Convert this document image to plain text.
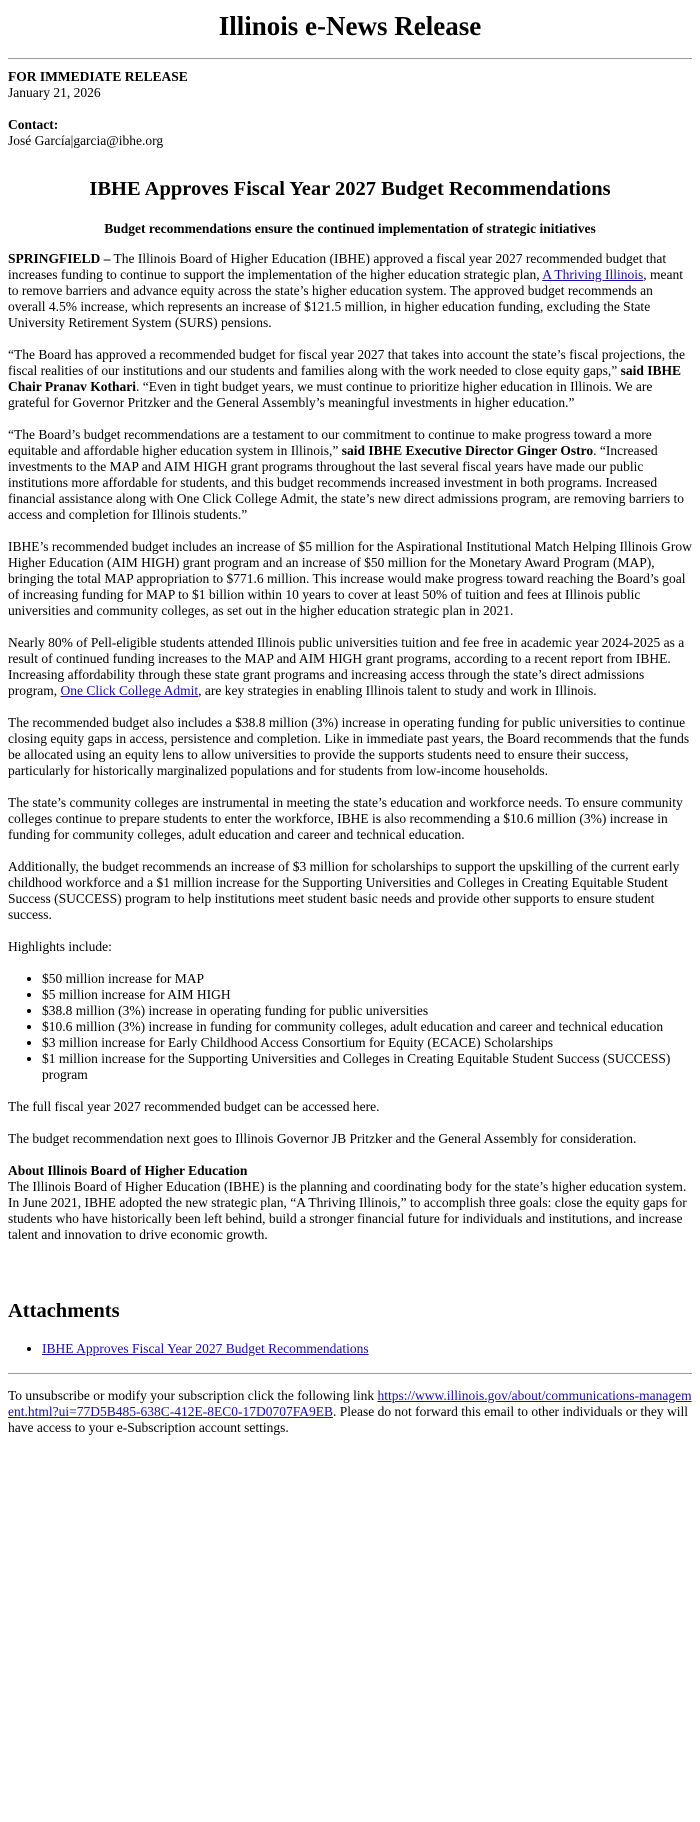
Illinois e-News Release
FOR IMMEDIATE RELEASE
January 21, 2026
Contact:
José García|garcia@ibhe.org
IBHE Approves Fiscal Year 2027 Budget Recommendations
Budget recommendations ensure the continued implementation of strategic initiatives

SPRINGFIELD – The Illinois Board of Higher Education (IBHE) approved a fiscal year 2027 recommended budget that increases funding to continue to support the implementation of the higher education strategic plan, A Thriving Illinois, meant to remove barriers and advance equity across the state’s higher education system. The approved budget recommends an overall 4.5% increase, which represents an increase of $121.5 million, in higher education funding, excluding the State University Retirement System (SURS) pensions.

“The Board has approved a recommended budget for fiscal year 2027 that takes into account the state’s fiscal projections, the fiscal realities of our institutions and our students and families along with the work needed to close equity gaps,” said IBHE Chair Pranav Kothari. “Even in tight budget years, we must continue to prioritize higher education in Illinois. We are grateful for Governor Pritzker and the General Assembly’s meaningful investments in higher education.”

“The Board’s budget recommendations are a testament to our commitment to continue to make progress toward a more equitable and affordable higher education system in Illinois,” said IBHE Executive Director Ginger Ostro. “Increased investments to the MAP and AIM HIGH grant programs throughout the last several fiscal years have made our public institutions more affordable for students, and this budget recommends increased investment in both programs. Increased financial assistance along with One Click College Admit, the state’s new direct admissions program, are removing barriers to access and completion for Illinois students.”

IBHE’s recommended budget includes an increase of $5 million for the Aspirational Institutional Match Helping Illinois Grow Higher Education (AIM HIGH) grant program and an increase of $50 million for the Monetary Award Program (MAP), bringing the total MAP appropriation to $771.6 million. This increase would make progress toward reaching the Board’s goal of increasing funding for MAP to $1 billion within 10 years to cover at least 50% of tuition and fees at Illinois public universities and community colleges, as set out in the higher education strategic plan in 2021.

Nearly 80% of Pell-eligible students attended Illinois public universities tuition and fee free in academic year 2024-2025 as a result of continued funding increases to the MAP and AIM HIGH grant programs, according to a recent report from IBHE. Increasing affordability through these state grant programs and increasing access through the state’s direct admissions program, One Click College Admit, are key strategies in enabling Illinois talent to study and work in Illinois.

The recommended budget also includes a $38.8 million (3%) increase in operating funding for public universities to continue closing equity gaps in access, persistence and completion. Like in immediate past years, the Board recommends that the funds be allocated using an equity lens to allow universities to provide the supports students need to ensure their success, particularly for historically marginalized populations and for students from low-income households.

The state’s community colleges are instrumental in meeting the state’s education and workforce needs. To ensure community colleges continue to prepare students to enter the workforce, IBHE is also recommending a $10.6 million (3%) increase in funding for community colleges, adult education and career and technical education.

Additionally, the budget recommends an increase of $3 million for scholarships to support the upskilling of the current early childhood workforce and a $1 million increase for the Supporting Universities and Colleges in Creating Equitable Student Success (SUCCESS) program to help institutions meet student basic needs and provide other supports to ensure student success.

Highlights include:

• $50 million increase for MAP
• $5 million increase for AIM HIGH
• $38.8 million (3%) increase in operating funding for public universities
• $10.6 million (3%) increase in funding for community colleges, adult education and career and technical education
• $3 million increase for Early Childhood Access Consortium for Equity (ECACE) Scholarships
• $1 million increase for the Supporting Universities and Colleges in Creating Equitable Student Success (SUCCESS) program

The full fiscal year 2027 recommended budget can be accessed here.

The budget recommendation next goes to Illinois Governor JB Pritzker and the General Assembly for consideration.

About Illinois Board of Higher Education
The Illinois Board of Higher Education (IBHE) is the planning and coordinating body for the state’s higher education system. In June 2021, IBHE adopted the new strategic plan, “A Thriving Illinois,” to accomplish three goals: close the equity gaps for students who have historically been left behind, build a stronger financial future for individuals and institutions, and increase talent and innovation to drive economic growth.
Attachments
• IBHE Approves Fiscal Year 2027 Budget Recommendations
To unsubscribe or modify your subscription click the following link https://www.illinois.gov/about/communications-management.html?ui=77D5B485-638C-412E-8EC0-17D0707FA9EB. Please do not forward this email to other individuals or they will have access to your e-Subscription account settings.
